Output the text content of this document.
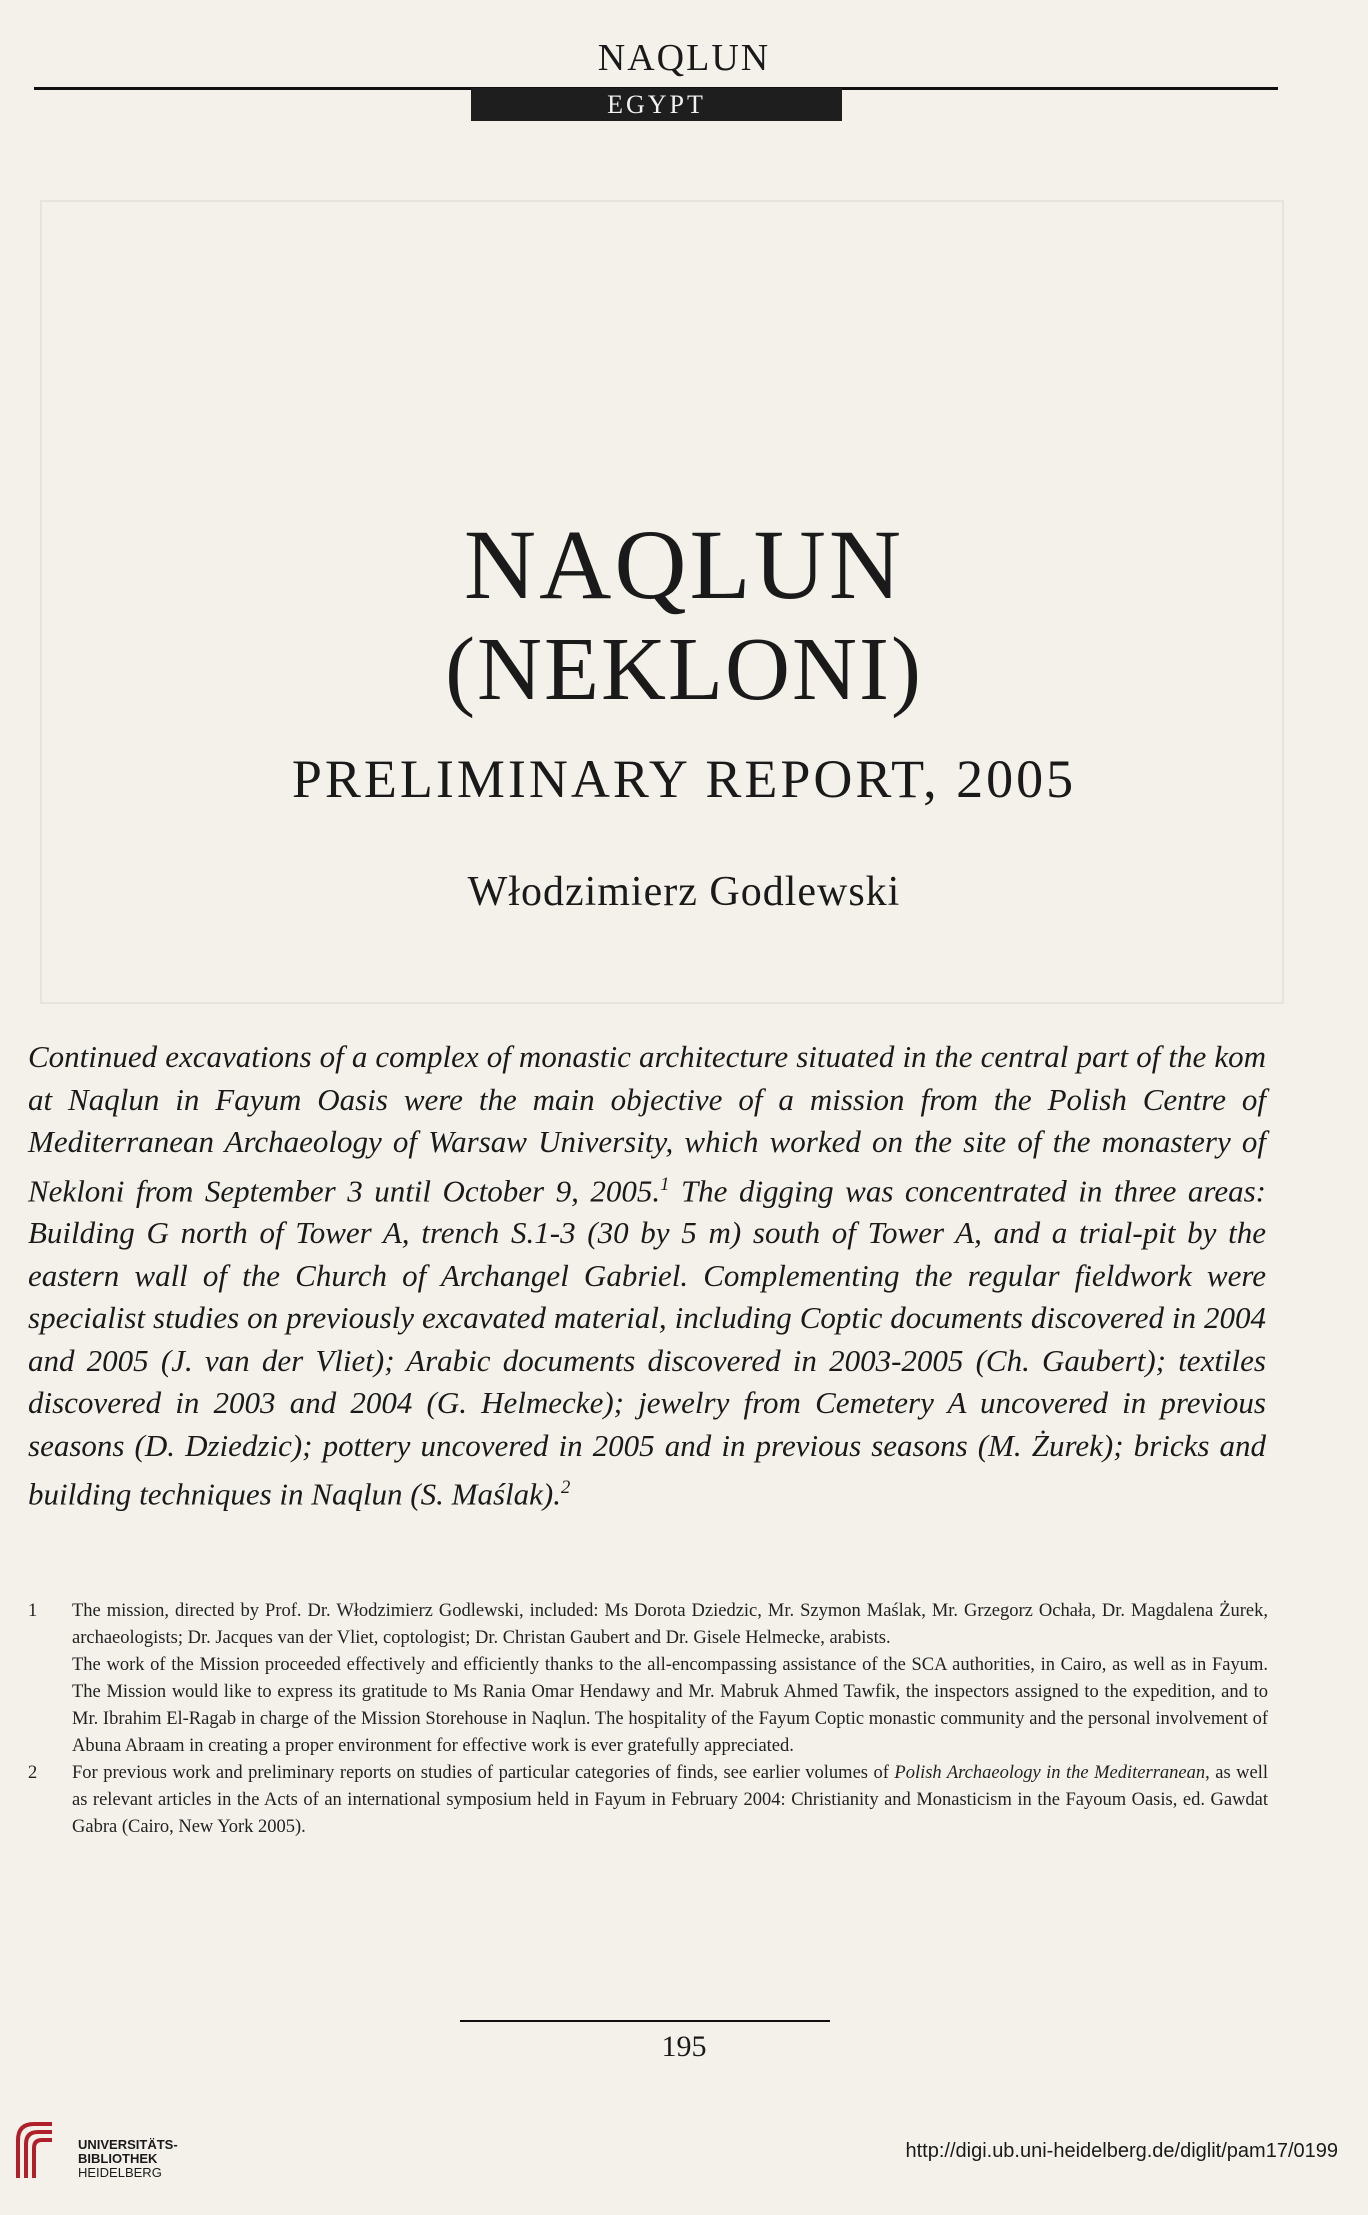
NAQLUN
EGYPT
NAQLUN
(NEKLONI)
PRELIMINARY REPORT, 2005
Włodzimierz Godlewski

Continued excavations of a complex of monastic architecture situated in the central part of the kom at Naqlun in Fayum Oasis were the main objective of a mission from the Polish Centre of Mediterranean Archaeology of Warsaw University, which worked on the site of the monastery of Nekloni from September 3 until October 9, 2005.$^1$ The digging was concentrated in three areas: Building G north of Tower A, trench S.1-3 (30 by 5 m) south of Tower A, and a trial-pit by the eastern wall of the Church of Archangel Gabriel. Complementing the regular fieldwork were specialist studies on previously excavated material, including Coptic documents discovered in 2004 and 2005 (J. van der Vliet); Arabic documents discovered in 2003-2005 (Ch. Gaubert); textiles discovered in 2003 and 2004 (G. Helmecke); jewelry from Cemetery A uncovered in previous seasons (D. Dziedzic); pottery uncovered in 2005 and in previous seasons (M. Żurek); bricks and building techniques in Naqlun (S. Maślak).$^2$

1	The mission, directed by Prof. Dr. Włodzimierz Godlewski, included: Ms Dorota Dziedzic, Mr. Szymon Maślak, Mr. Grzegorz Ochała, Dr. Magdalena Żurek, archaeologists; Dr. Jacques van der Vliet, coptologist; Dr. Christan Gaubert and Dr. Gisele Helmecke, arabists.

The work of the Mission proceeded effectively and efficiently thanks to the all-encompassing assistance of the SCA authorities, in Cairo, as well as in Fayum. The Mission would like to express its gratitude to Ms Rania Omar Hendawy and Mr. Mabruk Ahmed Tawfik, the inspectors assigned to the expedition, and to Mr. Ibrahim El-Ragab in charge of the Mission Storehouse in Naqlun. The hospitality of the Fayum Coptic monastic community and the personal involvement of Abuna Abraam in creating a proper environment for effective work is ever gratefully appreciated.

2	For previous work and preliminary reports on studies of particular categories of finds, see earlier volumes of Polish Archaeology in the Mediterranean, as well as relevant articles in the Acts of an international symposium held in Fayum in February 2004: Christianity and Monasticism in the Fayoum Oasis, ed. Gawdat Gabra (Cairo, New York 2005).

195
UNIVERSITÄTS-
BIBLIOTHEK
HEIDELBERG
http://digi.ub.uni-heidelberg.de/diglit/pam17/0199
